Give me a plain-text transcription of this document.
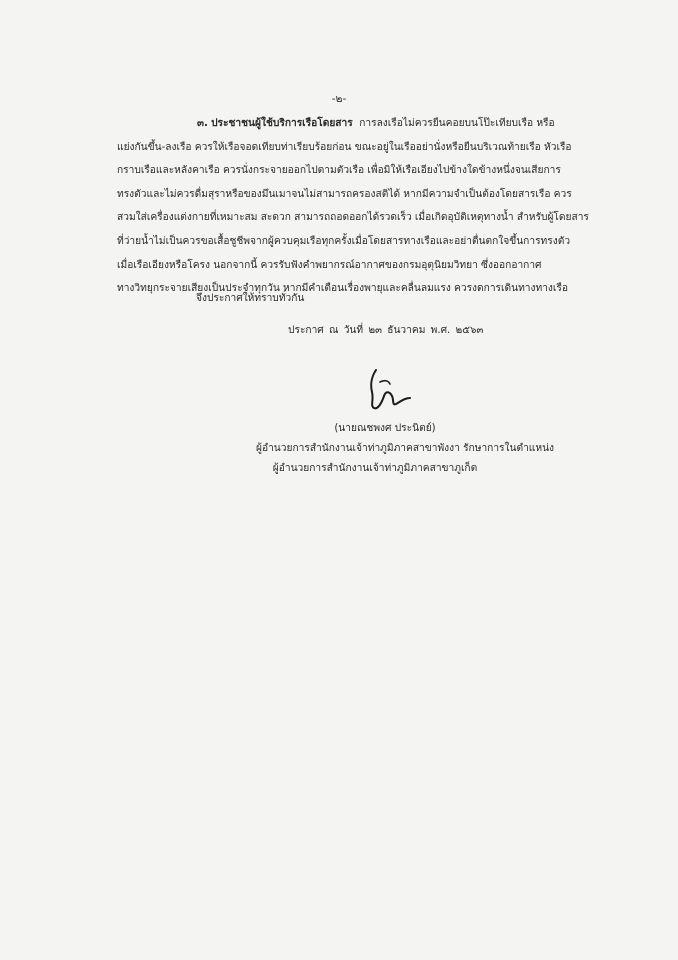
-๒-
๓. ประชาชนผู้ใช้บริการเรือโดยสาร การลงเรือไม่ควรยืนคอยบนโป๊ะเทียบเรือ หรือ
แย่งกันขึ้น-ลงเรือ ควรให้เรือจอดเทียบท่าเรียบร้อยก่อน ขณะอยู่ในเรืออย่านั่งหรือยืนบริเวณท้ายเรือ หัวเรือ
กราบเรือและหลังคาเรือ ควรนั่งกระจายออกไปตามตัวเรือ เพื่อมิให้เรือเอียงไปข้างใดข้างหนึ่งจนเสียการ
ทรงตัวและไม่ควรดื่มสุราหรือของมึนเมาจนไม่สามารถครองสติได้ หากมีความจำเป็นต้องโดยสารเรือ ควร
สวมใส่เครื่องแต่งกายที่เหมาะสม สะดวก สามารถถอดออกได้รวดเร็ว เมื่อเกิดอุบัติเหตุทางน้ำ สำหรับผู้โดยสาร
ที่ว่ายน้ำไม่เป็นควรขอเสื้อชูชีพจากผู้ควบคุมเรือทุกครั้งเมื่อโดยสารทางเรือและอย่าตื่นตกใจขึ้นการทรงตัว
เมื่อเรือเอียงหรือโครง นอกจากนี้ ควรรับฟังคำพยากรณ์อากาศของกรมอุตุนิยมวิทยา ซึ่งออกอากาศ
ทางวิทยุกระจายเสียงเป็นประจำทุกวัน หากมีคำเตือนเรื่องพายุและคลื่นลมแรง ควรงดการเดินทางทางเรือ
จึงประกาศให้ทราบทั่วกัน
ประกาศ ณ วันที่ ๒๓ ธันวาคม พ.ศ. ๒๕๖๓
(นายณชพงศ ประนิตย์)
ผู้อำนวยการสำนักงานเจ้าท่าภูมิภาคสาขาพังงา รักษาการในตำแหน่ง
ผู้อำนวยการสำนักงานเจ้าท่าภูมิภาคสาขาภูเก็ต
